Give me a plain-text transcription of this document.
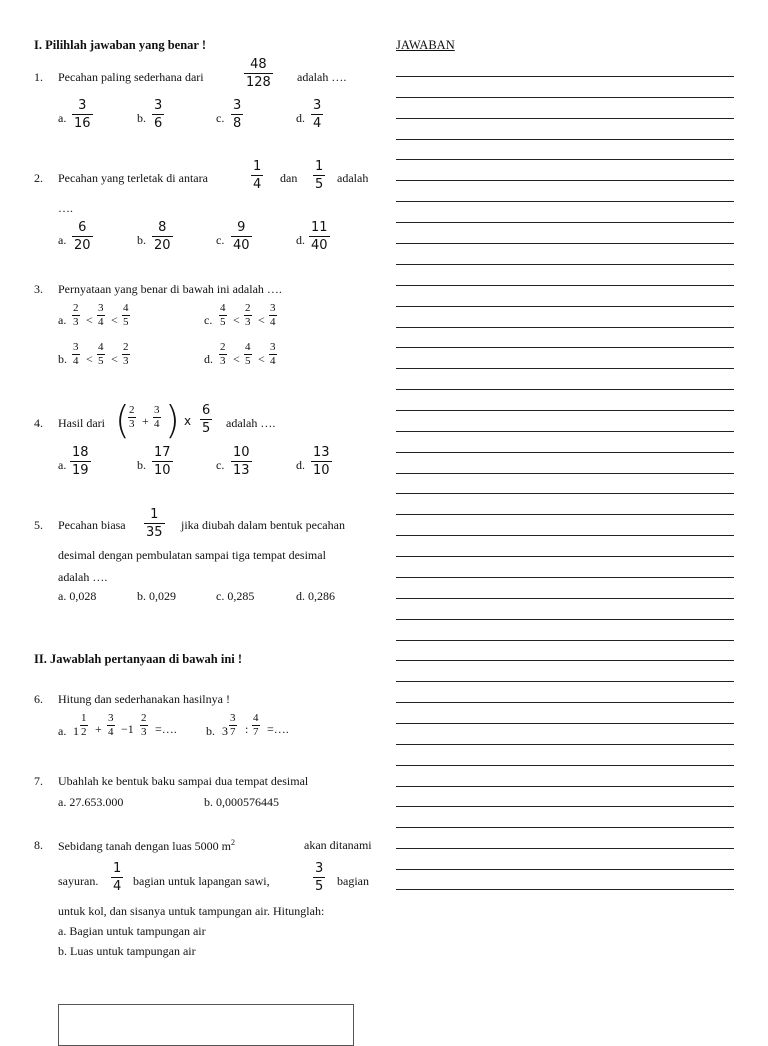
I. Pilihlah jawaban yang benar !	JAWABAN
1. Pecahan paling sederhana dari
48
128 adalah ….
a.
3
16	b.
3
6	c.
3
8	d.
3
4
2. Pecahan yang terletak di antara
1
4 dan
1
5 adalah
….
a.
6
20	b.
8
20	c.
9
40	d.
11
40
3. Pernyataan yang benar di bawah ini adalah ….
a.
2
3 <
3
4 <
4
5	c.
4
5 <
2
3 <
3
4
b.
3
4 <
4
5 <
2
3	d.
2
3 <
4
5 <
3
4
4. Hasil dari ( 2
3 +
3
4 ) x
6
5 adalah ….
a.
18
19	b.
17
10	c.
10
13	d.
13
10
5. Pecahan biasa
1
35 jika diubah dalam bentuk pecahan
desimal dengan pembulatan sampai tiga tempat desimal
adalah ….
a. 0,028	b. 0,029	c. 0,285	d. 0,286
II. Jawablah pertanyaan di bawah ini !
6. Hitung dan sederhanakan hasilnya !
a. 1
1
2 +
3
4 −1
2
3 =…. b. 3
3
7 :
4
7 =….
7. Ubahlah ke bentuk baku sampai dua tempat desimal
a. 27.653.000	b. 0,000576445
8. Sebidang tanah dengan luas 5000 $m^2$	akan ditanami
sayuran.
1
4 bagian untuk lapangan sawi,
3
5 bagian
untuk kol, dan sisanya untuk tampungan air. Hitunglah:
a. Bagian untuk tampungan air
b. Luas untuk tampungan air
